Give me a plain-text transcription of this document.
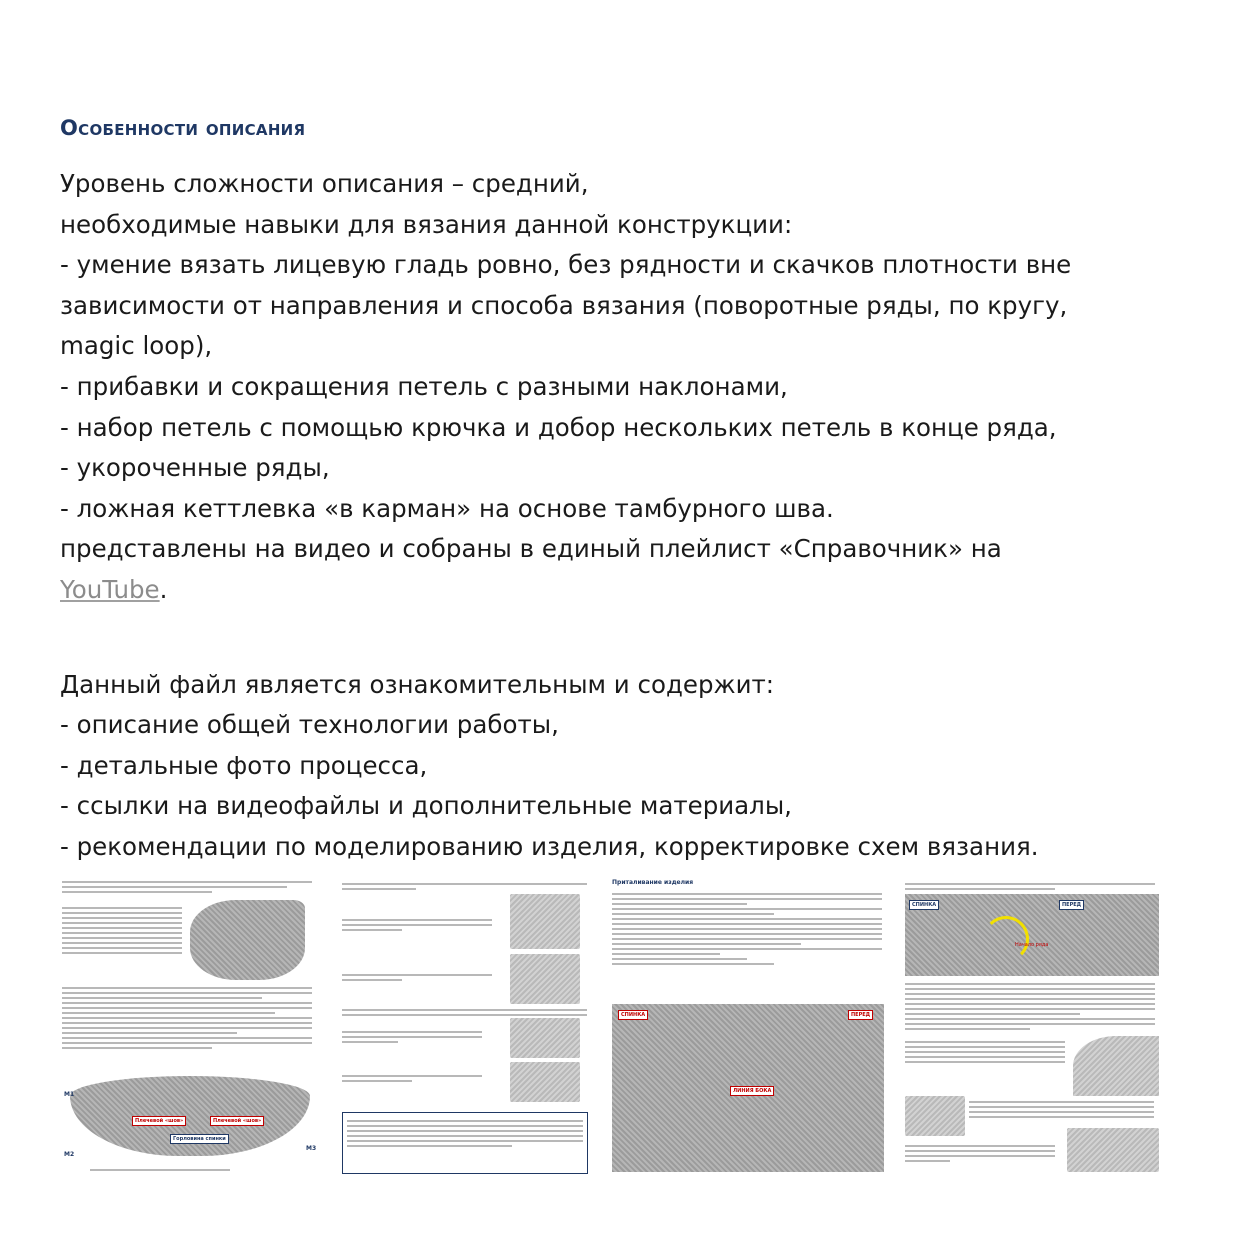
Особенности описания
Уровень сложности описания – средний,
необходимые навыки для вязания данной конструкции:
- умение вязать лицевую гладь ровно, без рядности и скачков плотности вне
зависимости от направления и способа вязания (поворотные ряды, по кругу,
magic loop),
- прибавки и сокращения петель с разными наклонами,
- набор петель с помощью крючка и добор нескольких петель в конце ряда,
- укороченные ряды,
- ложная кеттлевка «в карман» на основе тамбурного шва.
представлены на видео и собраны в единый плейлист «Справочник» на
YouTube.
Данный файл является ознакомительным и содержит:
- описание общей технологии работы,
- детальные фото процесса,
- ссылки на видеофайлы и дополнительные материалы,
- рекомендации по моделированию изделия, корректировке схем вязания.
М1
М2
М3
Плечевой «шов»	Плечевой «шов»
Горловина спинки
Приталивание изделия
СПИНКА	ПЕРЕД
ЛИНИЯ БОКА
СПИНКА	ПЕРЕД
Начало ряда
